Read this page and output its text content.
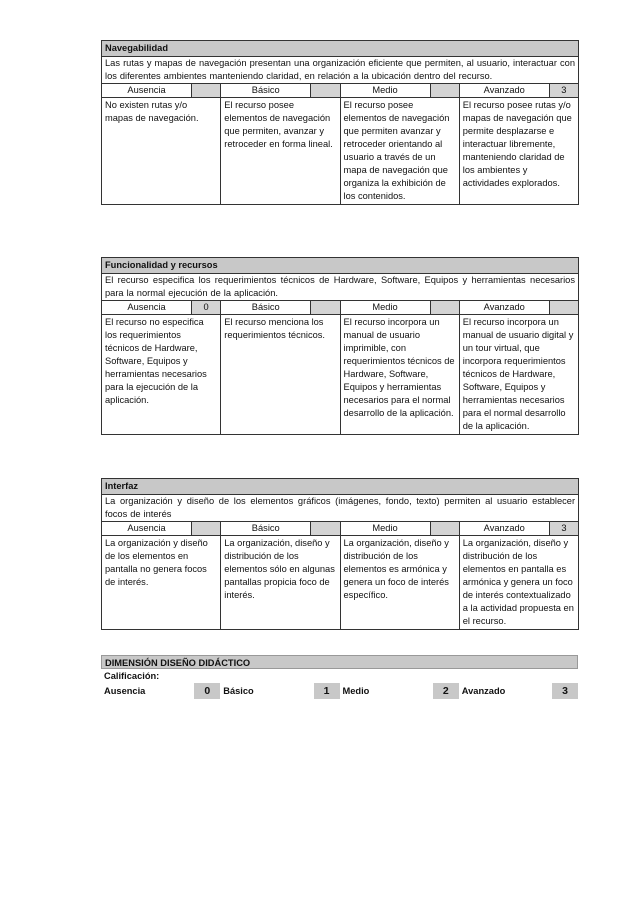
Navegabilidad							
Las rutas y mapas de navegación presentan una organización eficiente que permiten, al usuario, interactuar con los diferentes ambientes manteniendo claridad, en relación a la ubicación dentro del recurso.							
Ausencia		Básico		Medio		Avanzado	3
No existen rutas y/o mapas de navegación.		El recurso posee elementos de navegación que permiten, avanzar y retroceder en forma lineal.		El recurso posee elementos de navegación que permiten avanzar y retroceder orientando al usuario a través de un mapa de navegación que organiza la exhibición de los contenidos.		El recurso posee rutas y/o mapas de navegación que permite desplazarse e interactuar libremente, manteniendo claridad de los ambientes y actividades explorados.	
Funcionalidad y recursos							
El recurso especifica los requerimientos técnicos de Hardware, Software, Equipos y herramientas necesarios para la normal ejecución de la aplicación.							
Ausencia	0	Básico		Medio		Avanzado	
El recurso no especifica los requerimientos técnicos de Hardware, Software, Equipos y herramientas necesarios para la ejecución de la aplicación.		El recurso menciona los requerimientos técnicos.		El recurso incorpora un manual de usuario imprimible, con requerimientos técnicos de Hardware, Software, Equipos y herramientas necesarios para el normal desarrollo de la aplicación.		El recurso incorpora un manual de usuario digital y un tour virtual, que incorpora requerimientos técnicos de Hardware, Software, Equipos y herramientas necesarios para el normal desarrollo de la aplicación.	
Interfaz							
La organización y diseño de los elementos gráficos (imágenes, fondo, texto) permiten al usuario establecer focos de interés							
Ausencia		Básico		Medio		Avanzado	3
La organización y diseño de los elementos en pantalla no genera focos de interés.		La organización, diseño y distribución de los elementos sólo en algunas pantallas propicia foco de interés.		La organización, diseño y distribución de los elementos es armónica y genera un foco de interés específico.		La organización, diseño y distribución de los elementos en pantalla es armónica y genera un foco de interés contextualizado a la actividad propuesta en el recurso.	
DIMENSIÓN DISEÑO DIDÁCTICO
Calificación:
Ausencia	0	Básico	1	Medio	2	Avanzado	3
